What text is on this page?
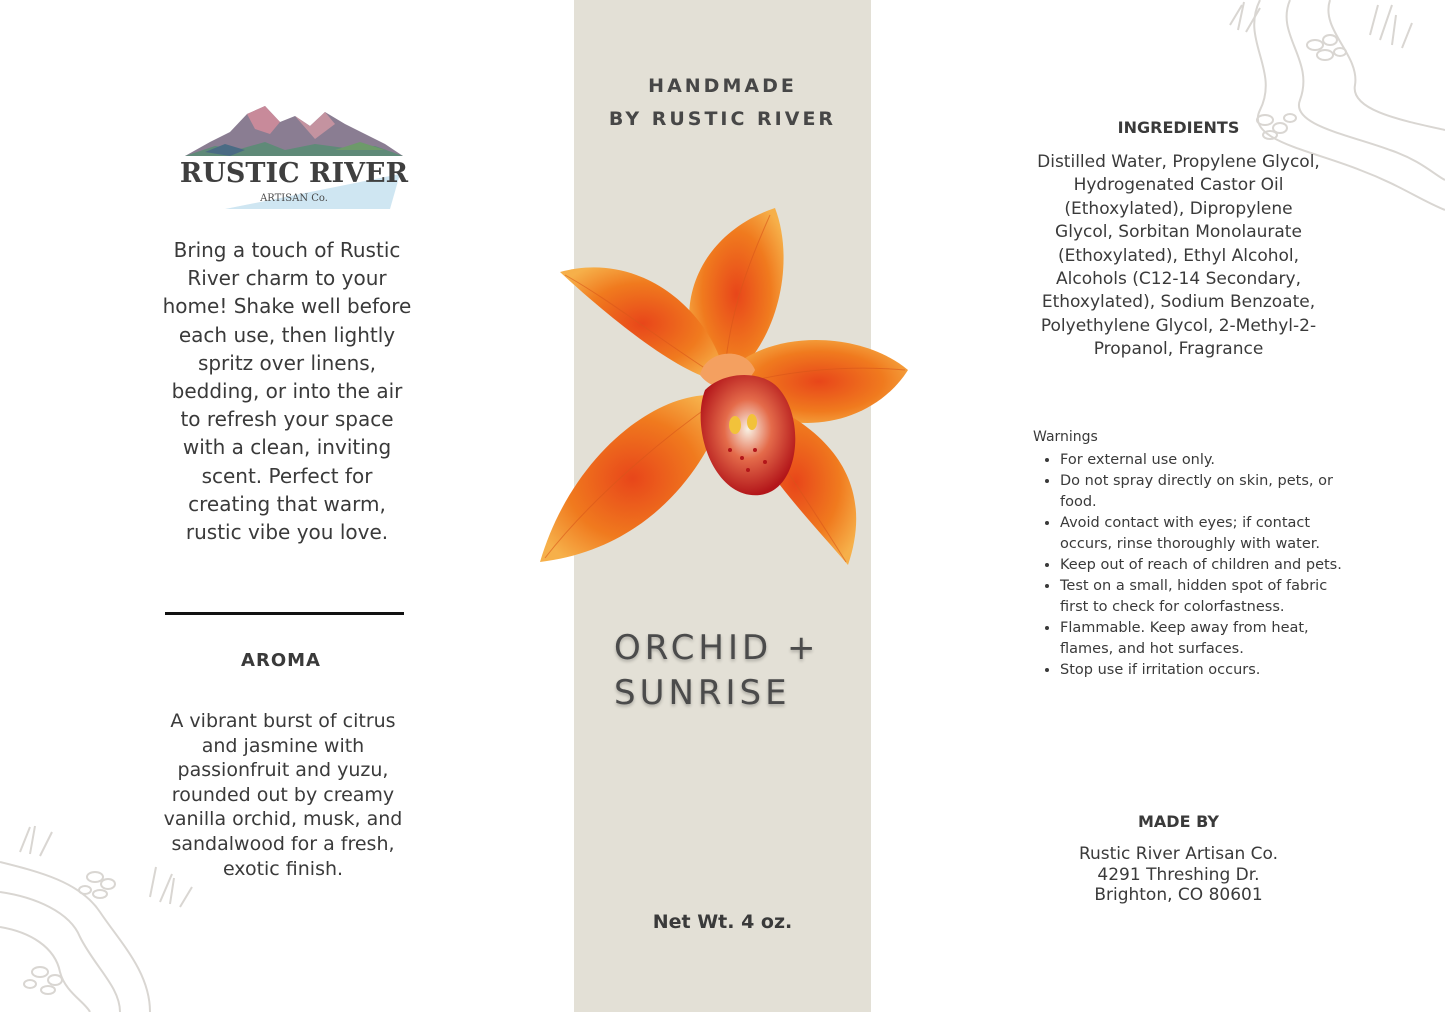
RUSTIC RIVER
ARTISAN Co.
Bring a touch of Rustic River charm to your home! Shake well before each use, then lightly spritz over linens, bedding, or into the air to refresh your space with a clean, inviting scent. Perfect for creating that warm, rustic vibe you love.
AROMA
A vibrant burst of citrus and jasmine with passionfruit and yuzu, rounded out by creamy vanilla orchid, musk, and sandalwood for a fresh, exotic finish.
HANDMADE
BY RUSTIC RIVER
ORCHID +
SUNRISE
Net Wt. 4 oz.
INGREDIENTS
Distilled Water, Propylene Glycol, Hydrogenated Castor Oil (Ethoxylated), Dipropylene Glycol, Sorbitan Monolaurate (Ethoxylated), Ethyl Alcohol, Alcohols (C12-14 Secondary, Ethoxylated), Sodium Benzoate, Polyethylene Glycol, 2-Methyl-2-Propanol, Fragrance
Warnings
• For external use only.
• Do not spray directly on skin, pets, or food.
• Avoid contact with eyes; if contact occurs, rinse thoroughly with water.
• Keep out of reach of children and pets.
• Test on a small, hidden spot of fabric first to check for colorfastness.
• Flammable. Keep away from heat, flames, and hot surfaces.
• Stop use if irritation occurs.
MADE BY
Rustic River Artisan Co.
4291 Threshing Dr.
Brighton, CO 80601
